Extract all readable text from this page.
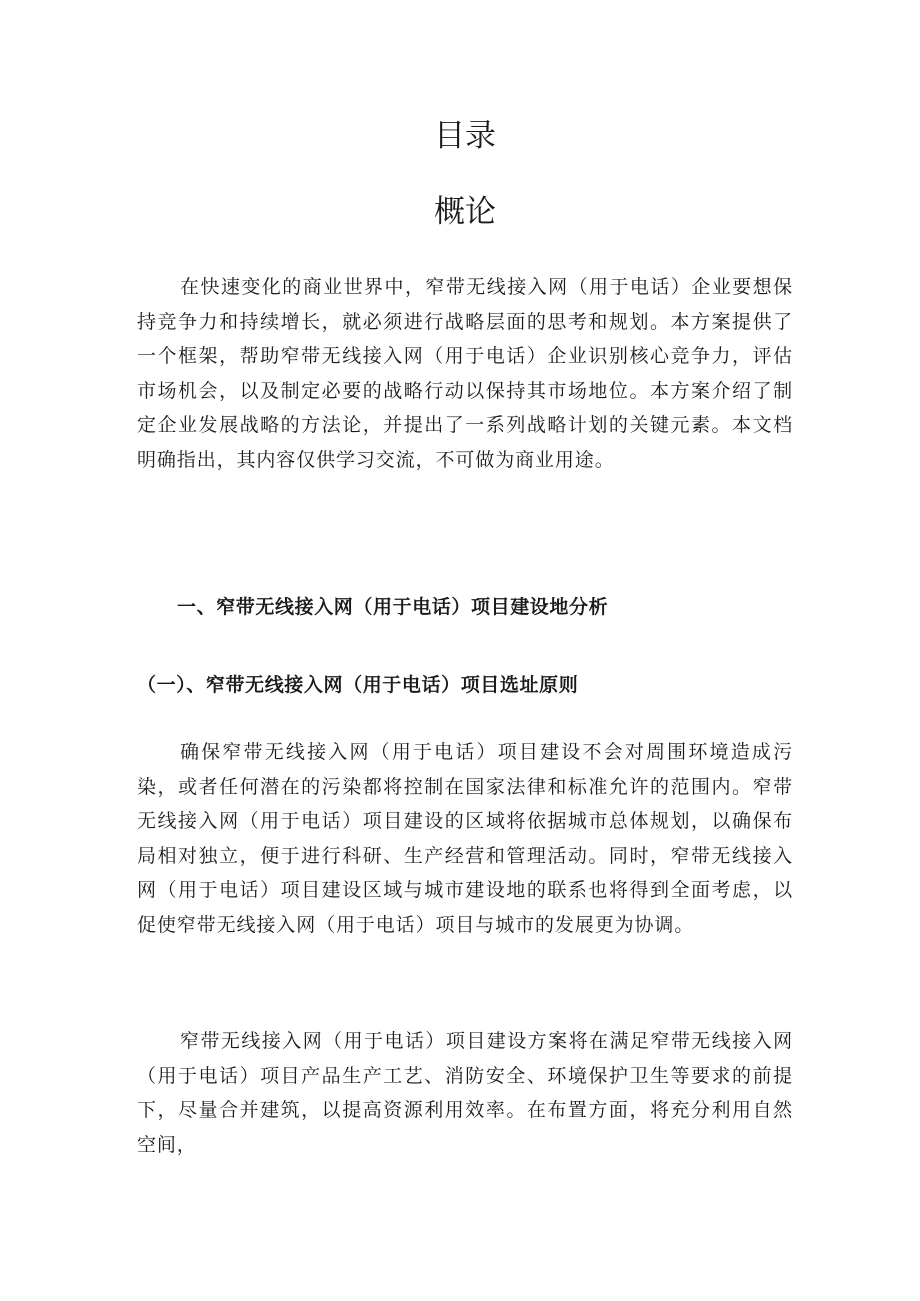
目录
概论

在快速变化的商业世界中，窄带无线接入网（用于电话）企业要想保持竞争力和持续增长，就必须进行战略层面的思考和规划。本方案提供了一个框架，帮助窄带无线接入网（用于电话）企业识别核心竞争力，评估市场机会，以及制定必要的战略行动以保持其市场地位。本方案介绍了制定企业发展战略的方法论，并提出了一系列战略计划的关键元素。本文档明确指出，其内容仅供学习交流，不可做为商业用途。

一、窄带无线接入网（用于电话）项目建设地分析
（一）、窄带无线接入网（用于电话）项目选址原则

确保窄带无线接入网（用于电话）项目建设不会对周围环境造成污染，或者任何潜在的污染都将控制在国家法律和标准允许的范围内。窄带无线接入网（用于电话）项目建设的区域将依据城市总体规划，以确保布局相对独立，便于进行科研、生产经营和管理活动。同时，窄带无线接入网（用于电话）项目建设区域与城市建设地的联系也将得到全面考虑，以促使窄带无线接入网（用于电话）项目与城市的发展更为协调。

窄带无线接入网（用于电话）项目建设方案将在满足窄带无线接入网（用于电话）项目产品生产工艺、消防安全、环境保护卫生等要求的前提下，尽量合并建筑，以提高资源利用效率。在布置方面，将充分利用自然空间，
